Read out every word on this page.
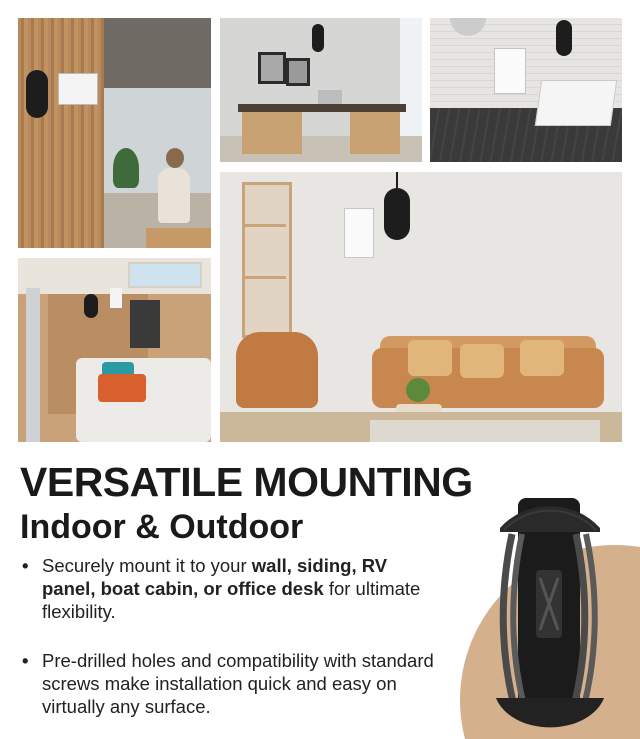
VERSATILE MOUNTING
Indoor & Outdoor
• Securely mount it to your wall, siding, RV panel, boat cabin, or office desk for ultimate flexibility.
• Pre-drilled holes and compatibility with standard screws make installation quick and easy on virtually any surface.
